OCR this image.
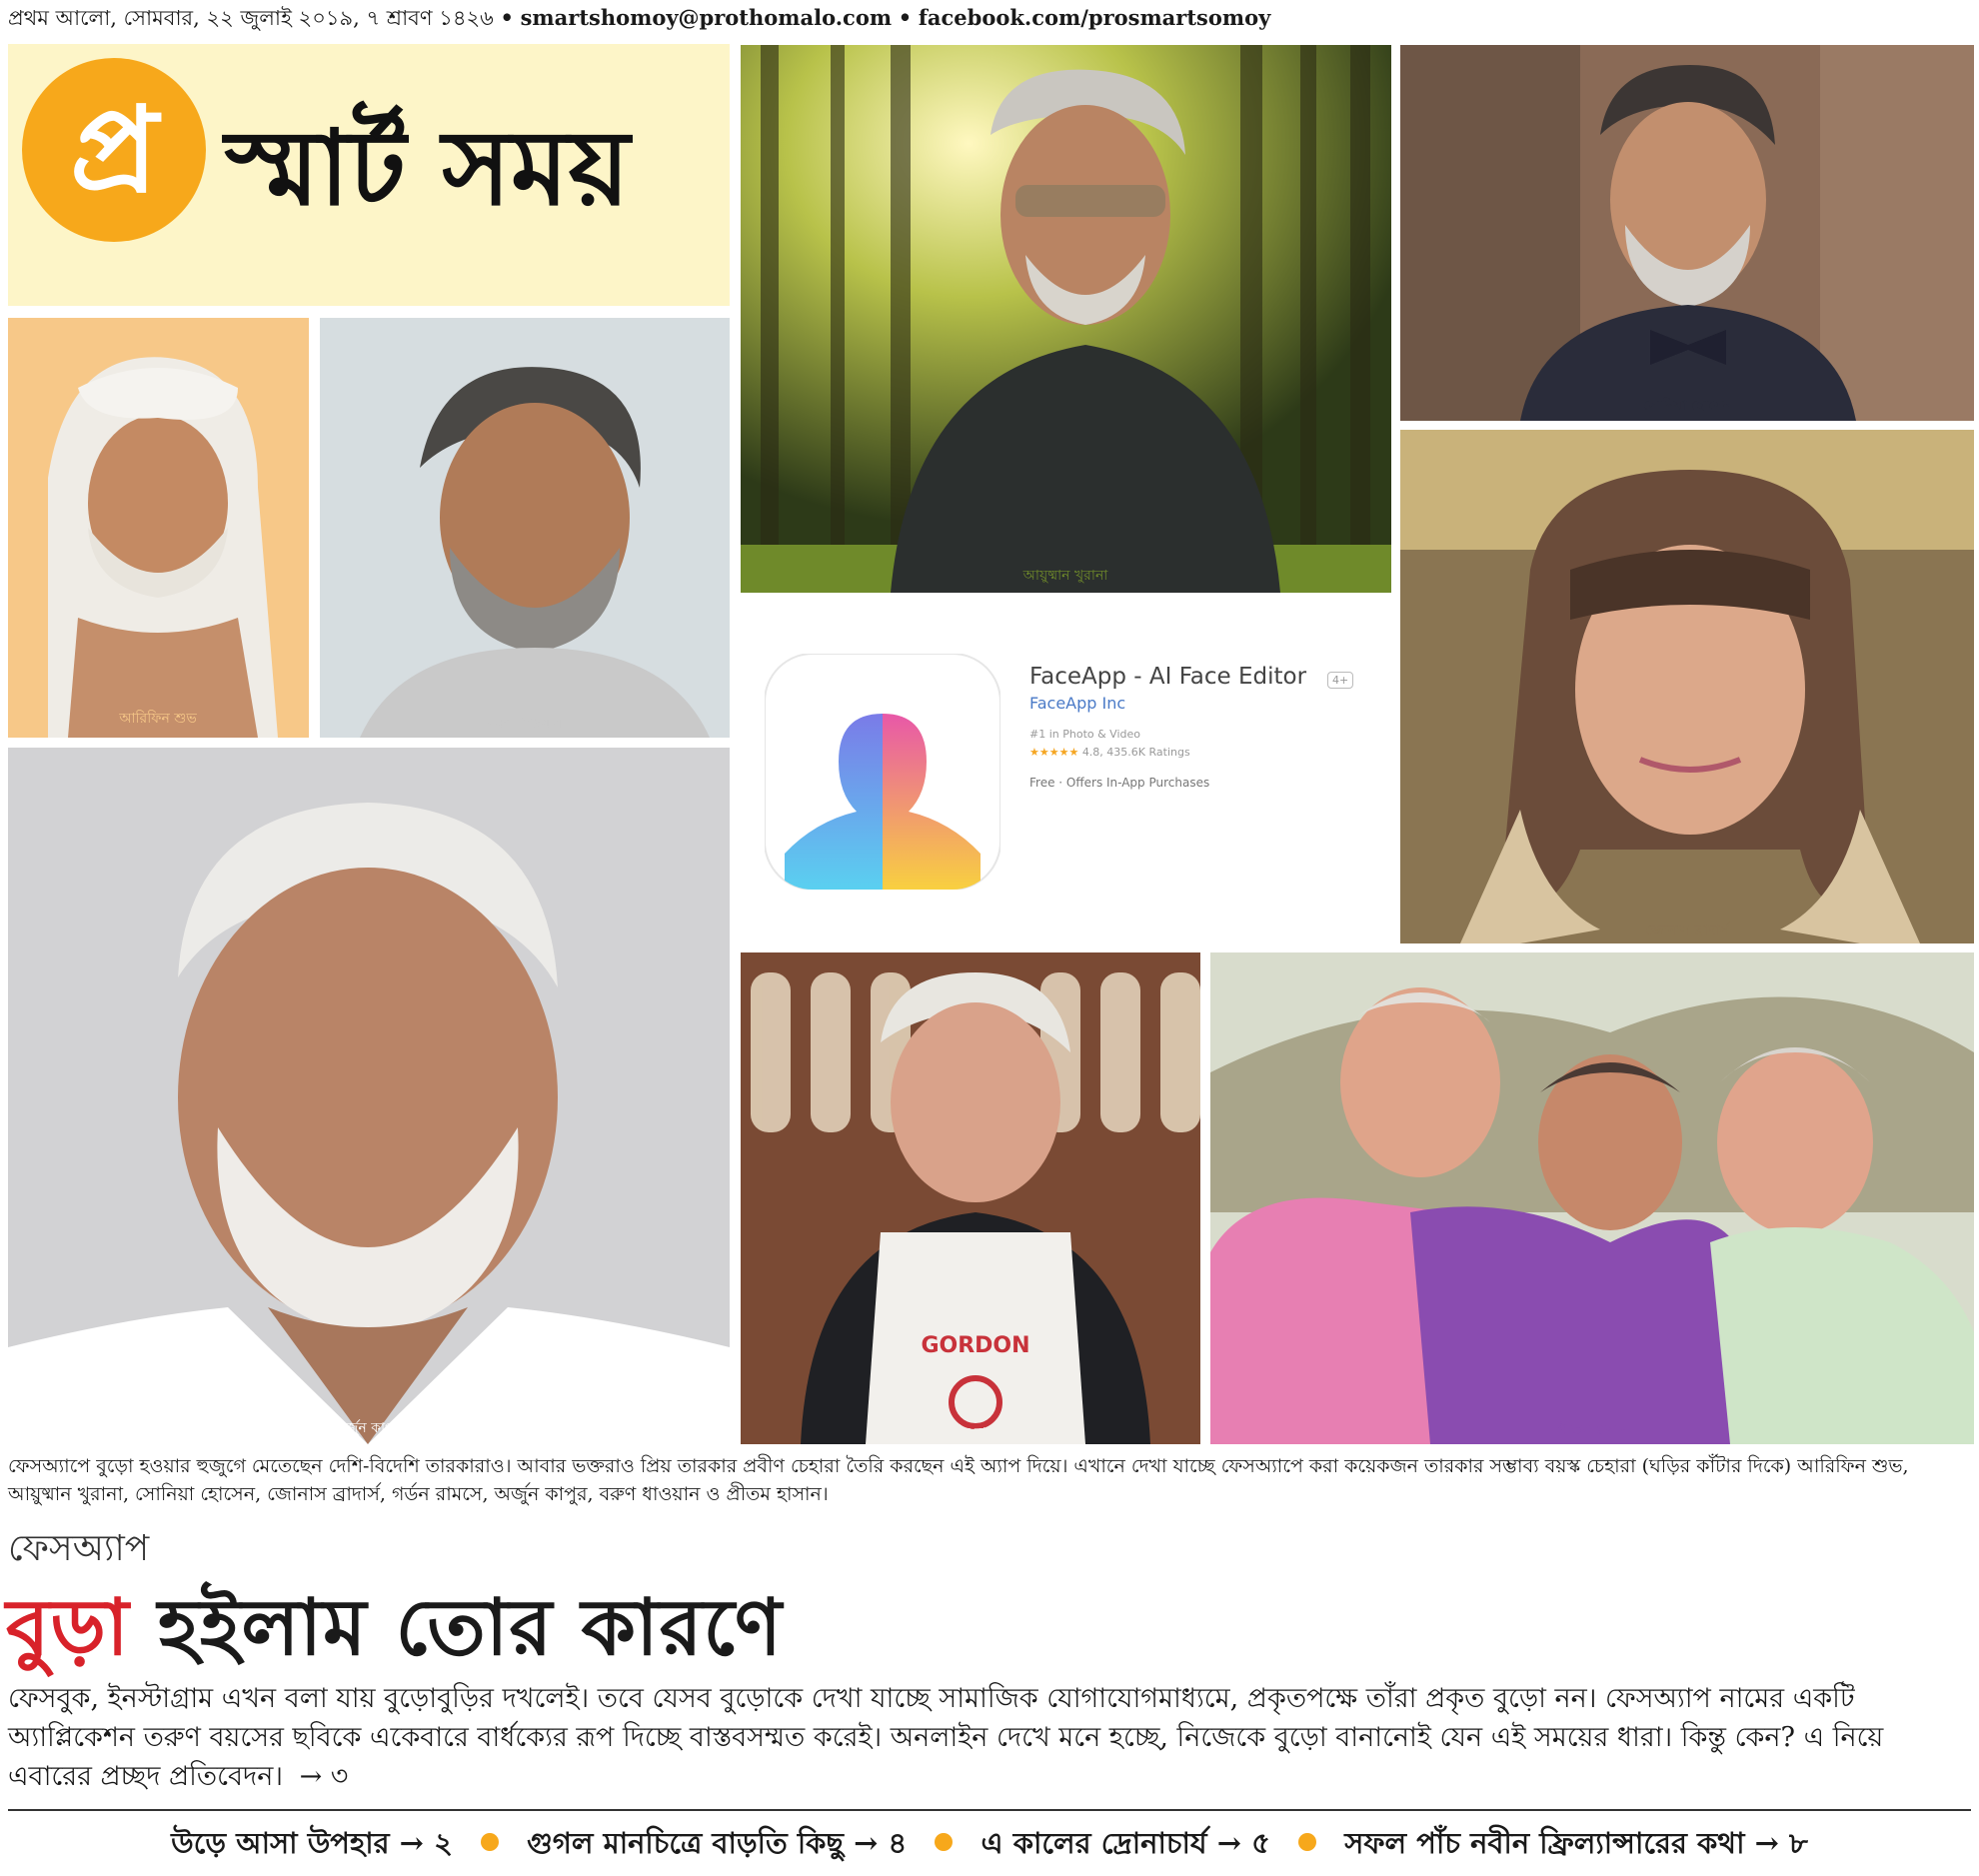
প্রথম আলো, সোমবার, ২২ জুলাই ২০১৯, ৭ শ্রাবণ ১৪২৬ • smartshomoy@prothomalo.com • facebook.com/prosmartsomoy
প্র স্মার্ট সময়
আরিফিন শুভ	বরুণ ধাওয়ান
আয়ুষ্মান খুরানা
সোনিয়া হোসেন
জোনাস ব্রাদার্স
FaceApp - AI Face Editor	4+
FaceApp Inc
#1 in Photo & Video
★★★★★ 4.8, 435.6K Ratings
Free · Offers In-App Purchases
অর্জুন কাপুর
GORDON
গর্ডন রামসে	প্রীতম হাসান
ফেসঅ্যাপে বুড়ো হওয়ার হুজুগে মেতেছেন দেশি-বিদেশি তারকারাও। আবার ভক্তরাও প্রিয় তারকার প্রবীণ চেহারা তৈরি করছেন এই অ্যাপ দিয়ে। এখানে দেখা যাচ্ছে ফেসঅ্যাপে করা কয়েকজন তারকার সম্ভাব্য বয়স্ক চেহারা (ঘড়ির কাঁটার দিকে) আরিফিন শুভ, আয়ুষ্মান খুরানা, সোনিয়া হোসেন, জোনাস ব্রাদার্স, গর্ডন রামসে, অর্জুন কাপুর, বরুণ ধাওয়ান ও প্রীতম হাসান।
ফেসঅ্যাপ
বুড়া হইলাম তোর কারণে
ফেসবুক, ইনস্টাগ্রাম এখন বলা যায় বুড়োবুড়ির দখলেই। তবে যেসব বুড়োকে দেখা যাচ্ছে সামাজিক যোগাযোগমাধ্যমে, প্রকৃতপক্ষে তাঁরা প্রকৃত বুড়ো নন। ফেসঅ্যাপ নামের একটি অ্যাপ্লিকেশন তরুণ বয়সের ছবিকে একেবারে বার্ধক্যের রূপ দিচ্ছে বাস্তবসম্মত করেই। অনলাইন দেখে মনে হচ্ছে, নিজেকে বুড়ো বানানোই যেন এই সময়ের ধারা। কিন্তু কেন? এ নিয়ে এবারের প্রচ্ছদ প্রতিবেদন। → ৩
উড়ে আসা উপহার → ২	গুগল মানচিত্রে বাড়তি কিছু → ৪	এ কালের দ্রোনাচার্য → ৫	সফল পাঁচ নবীন ফ্রিল্যান্সারের কথা → ৮
